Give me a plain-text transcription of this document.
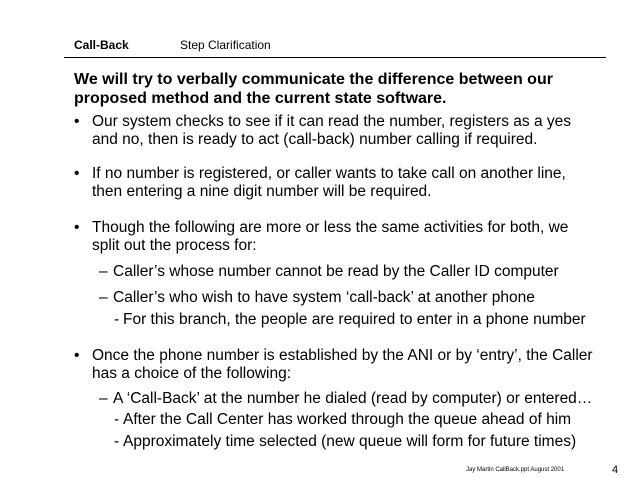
Call-Back	Step Clarification
We will try to verbally communicate the difference between our
proposed method and the current state software.
• Our system checks to see if it can read the number, registers as a yes
and no, then is ready to act (call-back) number calling if required.
• If no number is registered, or caller wants to take call on another line,
then entering a nine digit number will be required.
• Though the following are more or less the same activities for both, we
split out the process for:
– Caller’s whose number cannot be read by the Caller ID computer
– Caller’s who wish to have system ‘call-back’ at another phone
- For this branch, the people are required to enter in a phone number
• Once the phone number is established by the ANI or by ‘entry’, the Caller
has a choice of the following:
– A ‘Call-Back’ at the number he dialed (read by computer) or entered…
- After the Call Center has worked through the queue ahead of him
- Approximately time selected (new queue will form for future times)
Jay Martin CallBack.ppt August 2001	4
